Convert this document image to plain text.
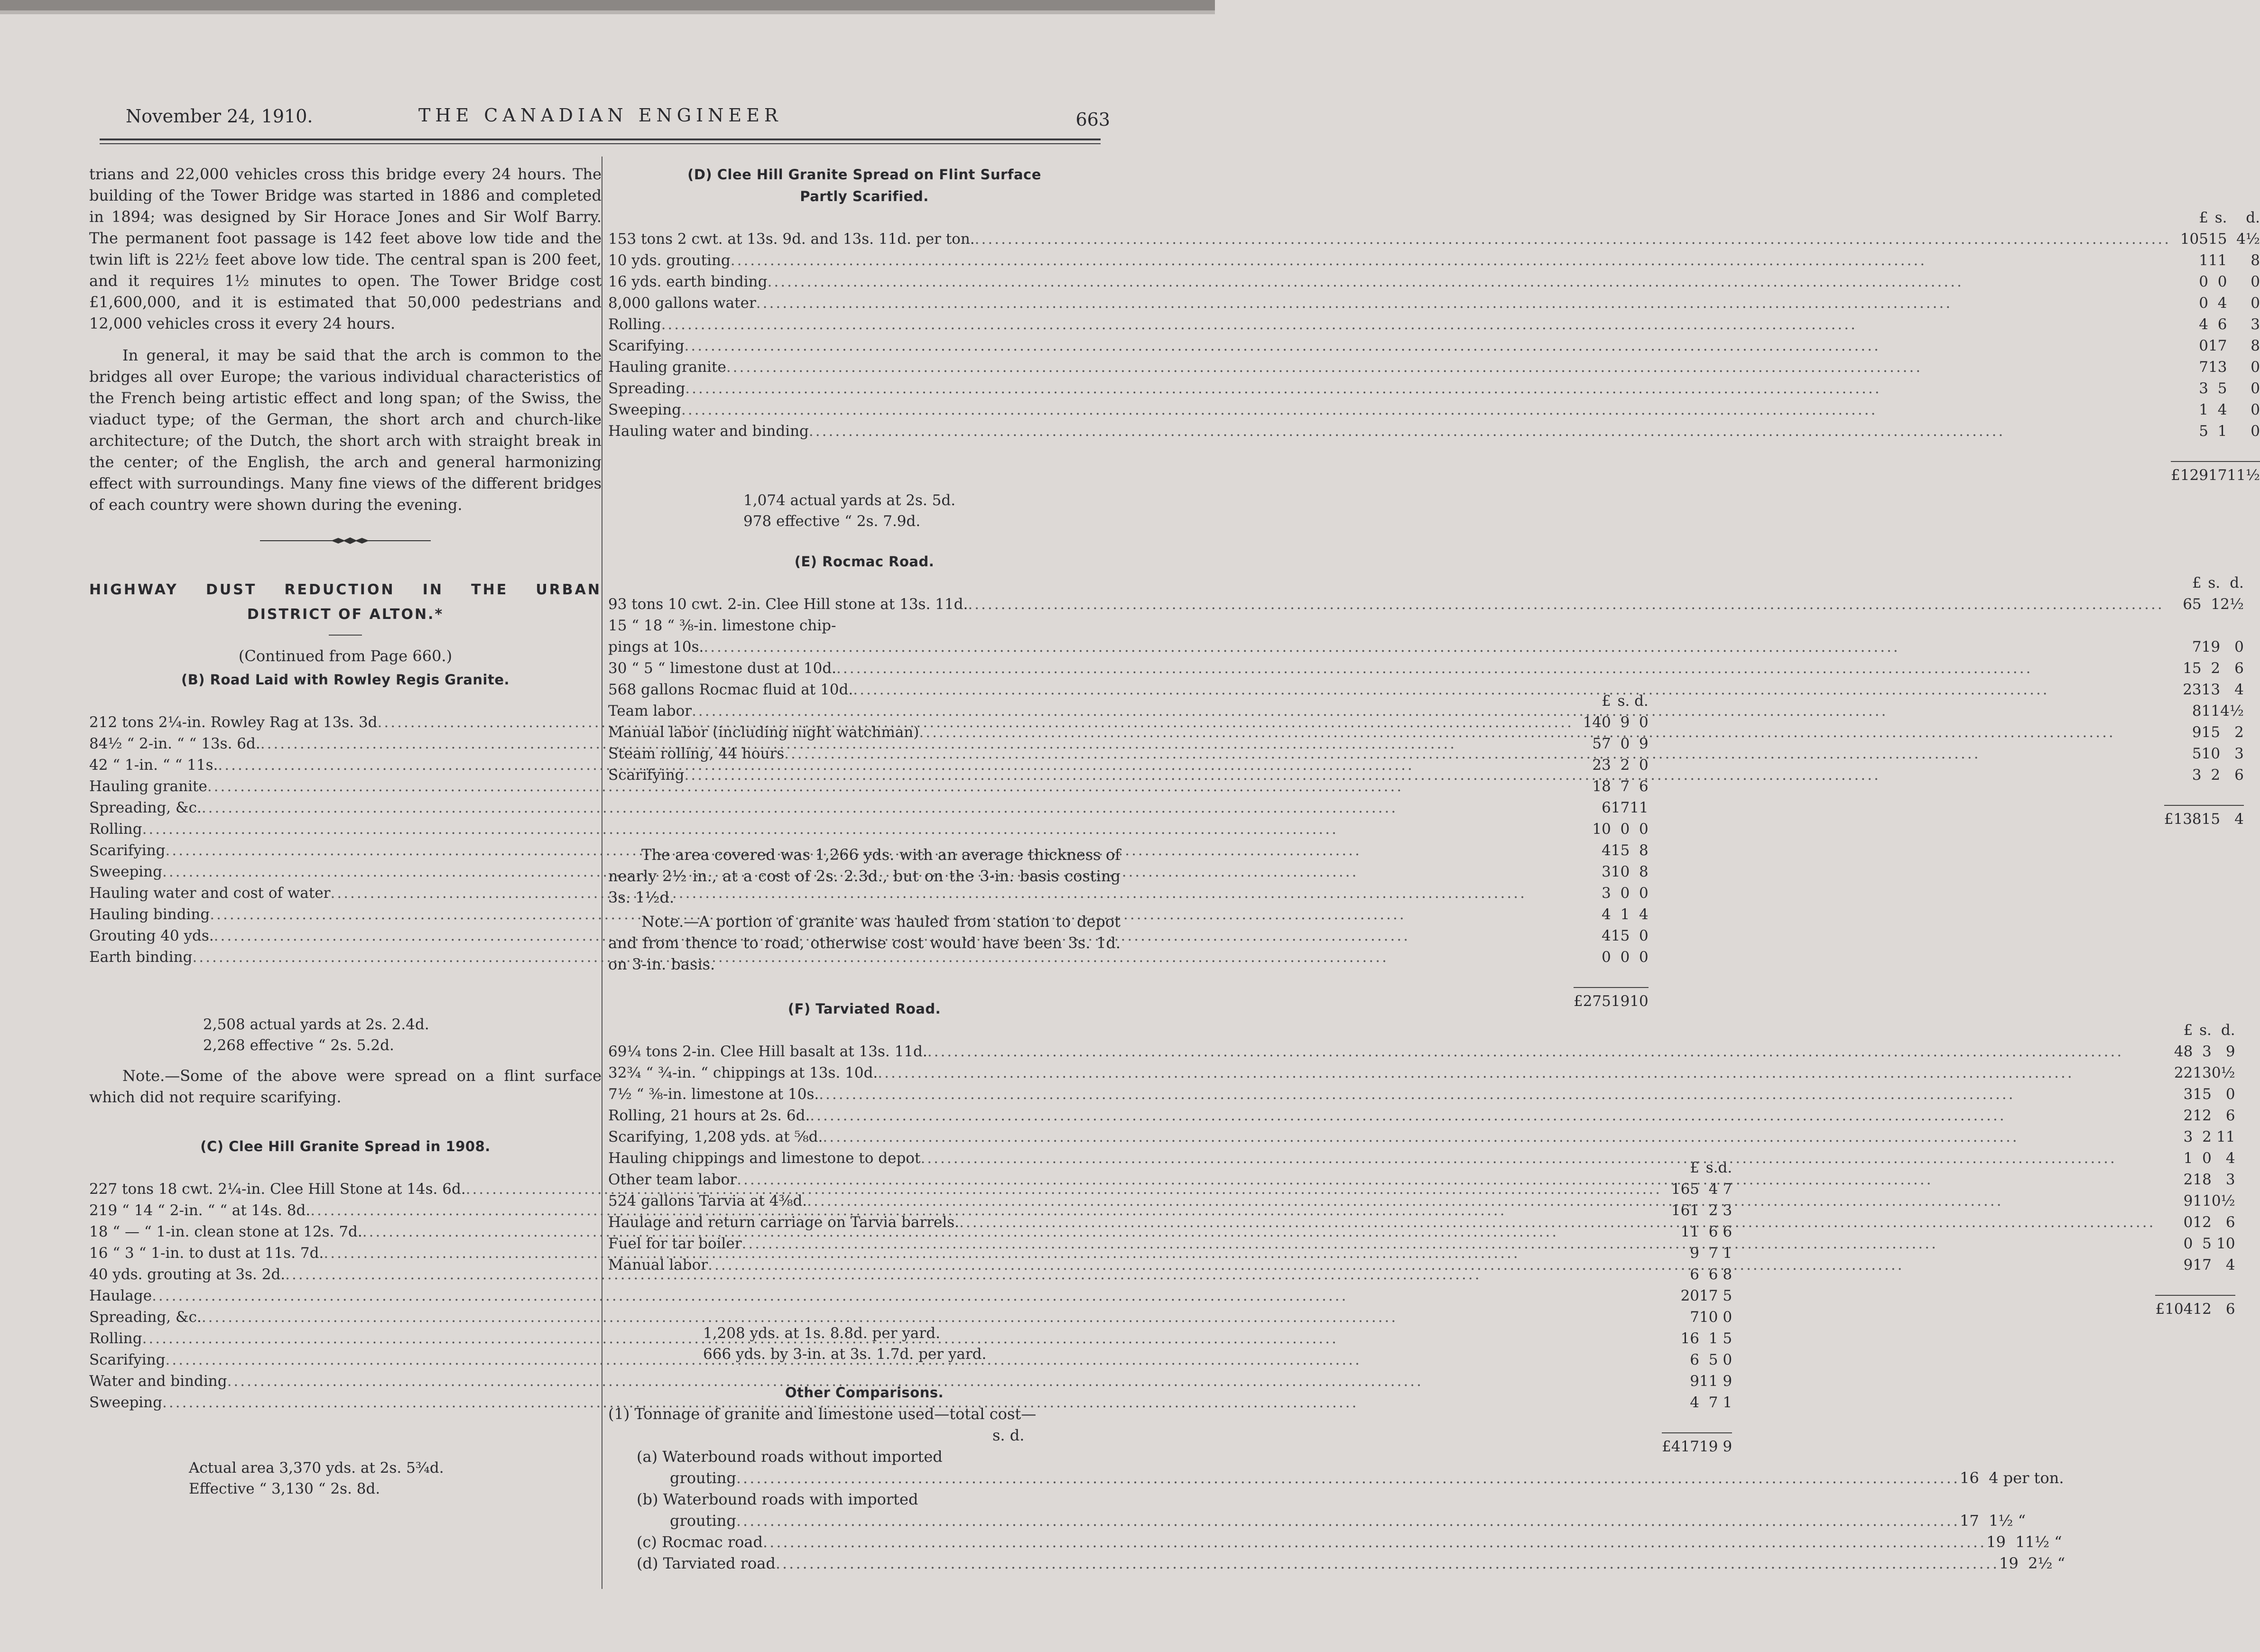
November 24, 1910.	THE CANADIAN ENGINEER	663

trians and 22,000 vehicles cross this bridge every 24 hours. The building of the Tower Bridge was started in 1886 and completed in 1894; was designed by Sir Horace Jones and Sir Wolf Barry. The permanent foot passage is 142 feet above low tide and the twin lift is 22½ feet above low tide. The central span is 200 feet, and it requires 1½ minutes to open. The Tower Bridge cost £1,600,000, and it is estimated that 50,000 pedestrians and 12,000 vehicles cross it every 24 hours.

In general, it may be said that the arch is common to the bridges all over Europe; the various individual characteristics of the French being artistic effect and long span; of the Swiss, the viaduct type; of the German, the short arch and church-like architecture; of the Dutch, the short arch with straight break in the center; of the English, the arch and general harmonizing effect with surroundings. Many fine views of the different bridges of each country were shown during the evening.

HIGHWAY DUST REDUCTION IN THE URBAN
DISTRICT OF ALTON.*
(Continued from Page 660.)
(B) Road Laid with Rowley Regis Granite.
	£	s.	d.

212 tons 2¼-in. Rowley Rag at 13s. 3d
.....	140	9	0

84½ “ 2-in. “ “ 13s. 6d.
.....	57	0	9

42 “ 1-in. “ “ 11s.
.....	23	2	0

Hauling granite
.....	18	7	6

Spreading, &c.
.....	6	17	11

Rolling
.....	10	0	0

Scarifying
.....	4	15	8

Sweeping
.....	3	10	8

Hauling water and cost of water
.....	3	0	0

Hauling binding
.....	4	1	4

Grouting 40 yds.
.....	4	15	0

Earth binding
.....	0	0	0

	£275	19	10
2,508 actual yards at 2s. 2.4d.
2,268 effective “ 2s. 5.2d.

Note.—Some of the above were spread on a flint surface which did not require scarifying.

(C) Clee Hill Granite Spread in 1908.
	£	s.	d.

227 tons 18 cwt. 2¼-in. Clee Hill Stone at 14s. 6d.
.....	165	4	7

219 “ 14 “ 2-in. “ “ at 14s. 8d.
.....	161	2	3

18 “ — “ 1-in. clean stone at 12s. 7d.
.....	11	6	6

16 “ 3 “ 1-in. to dust at 11s. 7d.
.....	9	7	1

40 yds. grouting at 3s. 2d.
.....	6	6	8

Haulage
.....	20	17	5

Spreading, &c.
.....	7	10	0

Rolling
.....	16	1	5

Scarifying
.....	6	5	0

Water and binding
.....	9	11	9

Sweeping
.....	4	7	1

	£417	19	9
Actual area 3,370 yds. at 2s. 5¾d.
Effective “ 3,130 “ 2s. 8d.
(D) Clee Hill Granite Spread on Flint Surface
Partly Scarified.
	£	s.	d.

153 tons 2 cwt. at 13s. 9d. and 13s. 11d. per ton.
.....	105	15	4½

10 yds. grouting
.....	1	11	8

16 yds. earth binding
.....	0	0	0

8,000 gallons water
.....	0	4	0

Rolling
.....	4	6	3

Scarifying
.....	0	17	8

Hauling granite
.....	7	13	0

Spreading
.....	3	5	0

Sweeping
.....	1	4	0

Hauling water and binding
.....	5	1	0

	£129	17	11½
1,074 actual yards at 2s. 5d.
978 effective “ 2s. 7.9d.
(E) Rocmac Road.
	£	s.	d.

93 tons 10 cwt. 2-in. Clee Hill stone at 13s. 11d.
.....	65	1	2½

15 “ 18 “ ⅜-in. limestone chip-			

pings at 10s.
.....	7	19	0

30 “ 5 “ limestone dust at 10d.
.....	15	2	6

568 gallons Rocmac fluid at 10d.
.....	23	13	4

Team labor
.....	8	11	4½

Manual labor (including night watchman)
.....	9	15	2

Steam rolling, 44 hours
.....	5	10	3

Scarifying
.....	3	2	6

	£138	15	4

The area covered was 1,266 yds. with an average thickness of nearly 2½ in., at a cost of 2s. 2.3d., but on the 3-in. basis costing 3s. 1½d.

Note.—A portion of granite was hauled from station to depot and from thence to road, otherwise cost would have been 3s. 1d. on 3-in. basis.

(F) Tarviated Road.
	£	s.	d.

69¼ tons 2-in. Clee Hill basalt at 13s. 11d.
.....	48	3	9

32¾ “ ¾-in. “ chippings at 13s. 10d.
.....	22	13	0½

7½ “ ⅜-in. limestone at 10s.
.....	3	15	0

Rolling, 21 hours at 2s. 6d.
.....	2	12	6

Scarifying, 1,208 yds. at ⅝d.
.....	3	2	11

Hauling chippings and limestone to depot
.....	1	0	4

Other team labor
.....	2	18	3

524 gallons Tarvia at 4⅜d.
.....	9	11	0½

Haulage and return carriage on Tarvia barrels.
.....	0	12	6

Fuel for tar boiler
.....	0	5	10

Manual labor
.....	9	17	4

	£104	12	6
1,208 yds. at 1s. 8.8d. per yard.
666 yds. by 3-in. at 3s. 1.7d. per yard.
Other Comparisons.
(1) Tonnage of granite and limestone used—total cost—
s. d.
(a) Waterbound roads without imported
grouting .....	16 4 per ton.
(b) Waterbound roads with imported
grouting .....	17 1½ “
(c) Rocmac road .....	19 11½ “
(d) Tarviated road .....	19 2½ “
